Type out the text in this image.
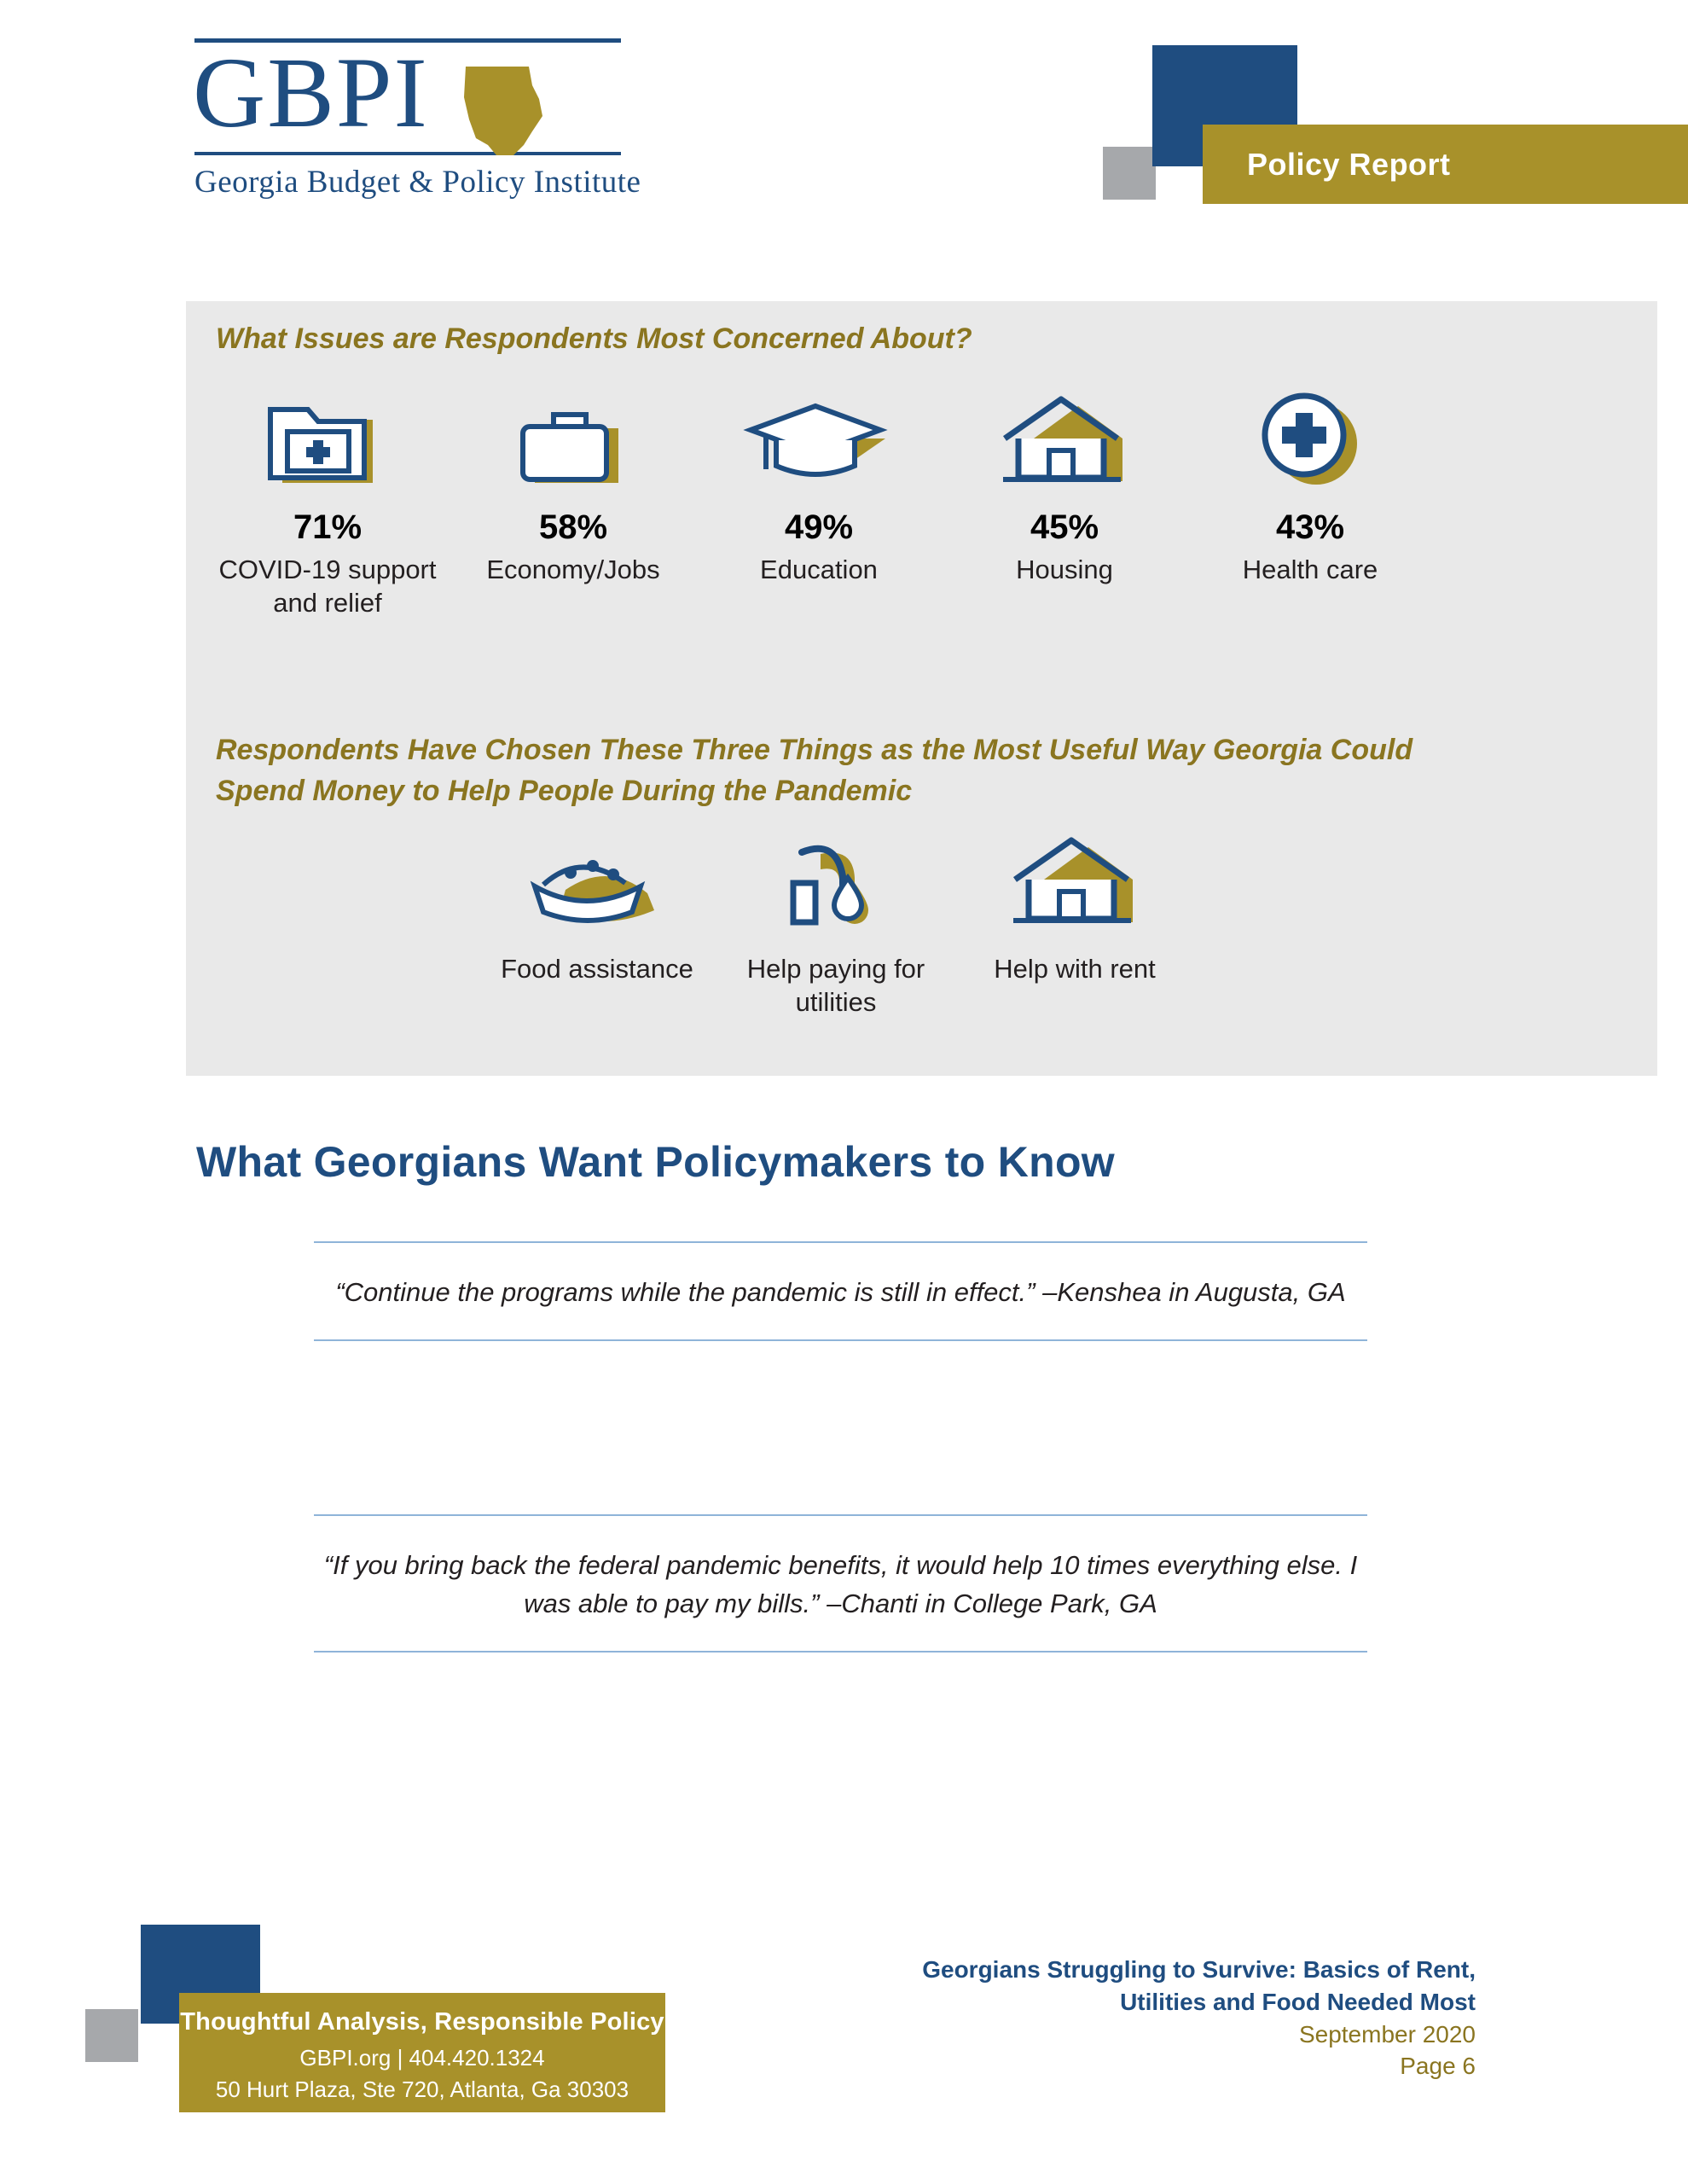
GBPI
Georgia Budget & Policy Institute
Policy Report
What Issues are Respondents Most Concerned About?
71%
COVID-19 support and relief
58%
Economy/Jobs
49%
Education
45%
Housing
43%
Health care
Respondents Have Chosen These Three Things as the Most Useful Way Georgia Could Spend Money to Help People During the Pandemic
Food assistance	Help paying for utilities
Help with rent
What Georgians Want Policymakers to Know
“Continue the programs while the pandemic is still in effect.” –Kenshea in Augusta, GA
“If you bring back the federal pandemic benefits, it would help 10 times everything else. I was able to pay my bills.” –Chanti in College Park, GA
Thoughtful Analysis, Responsible Policy
GBPI.org | 404.420.1324
50 Hurt Plaza, Ste 720, Atlanta, Ga 30303
Georgians Struggling to Survive: Basics of Rent, Utilities and Food Needed Most
September 2020
Page 6
